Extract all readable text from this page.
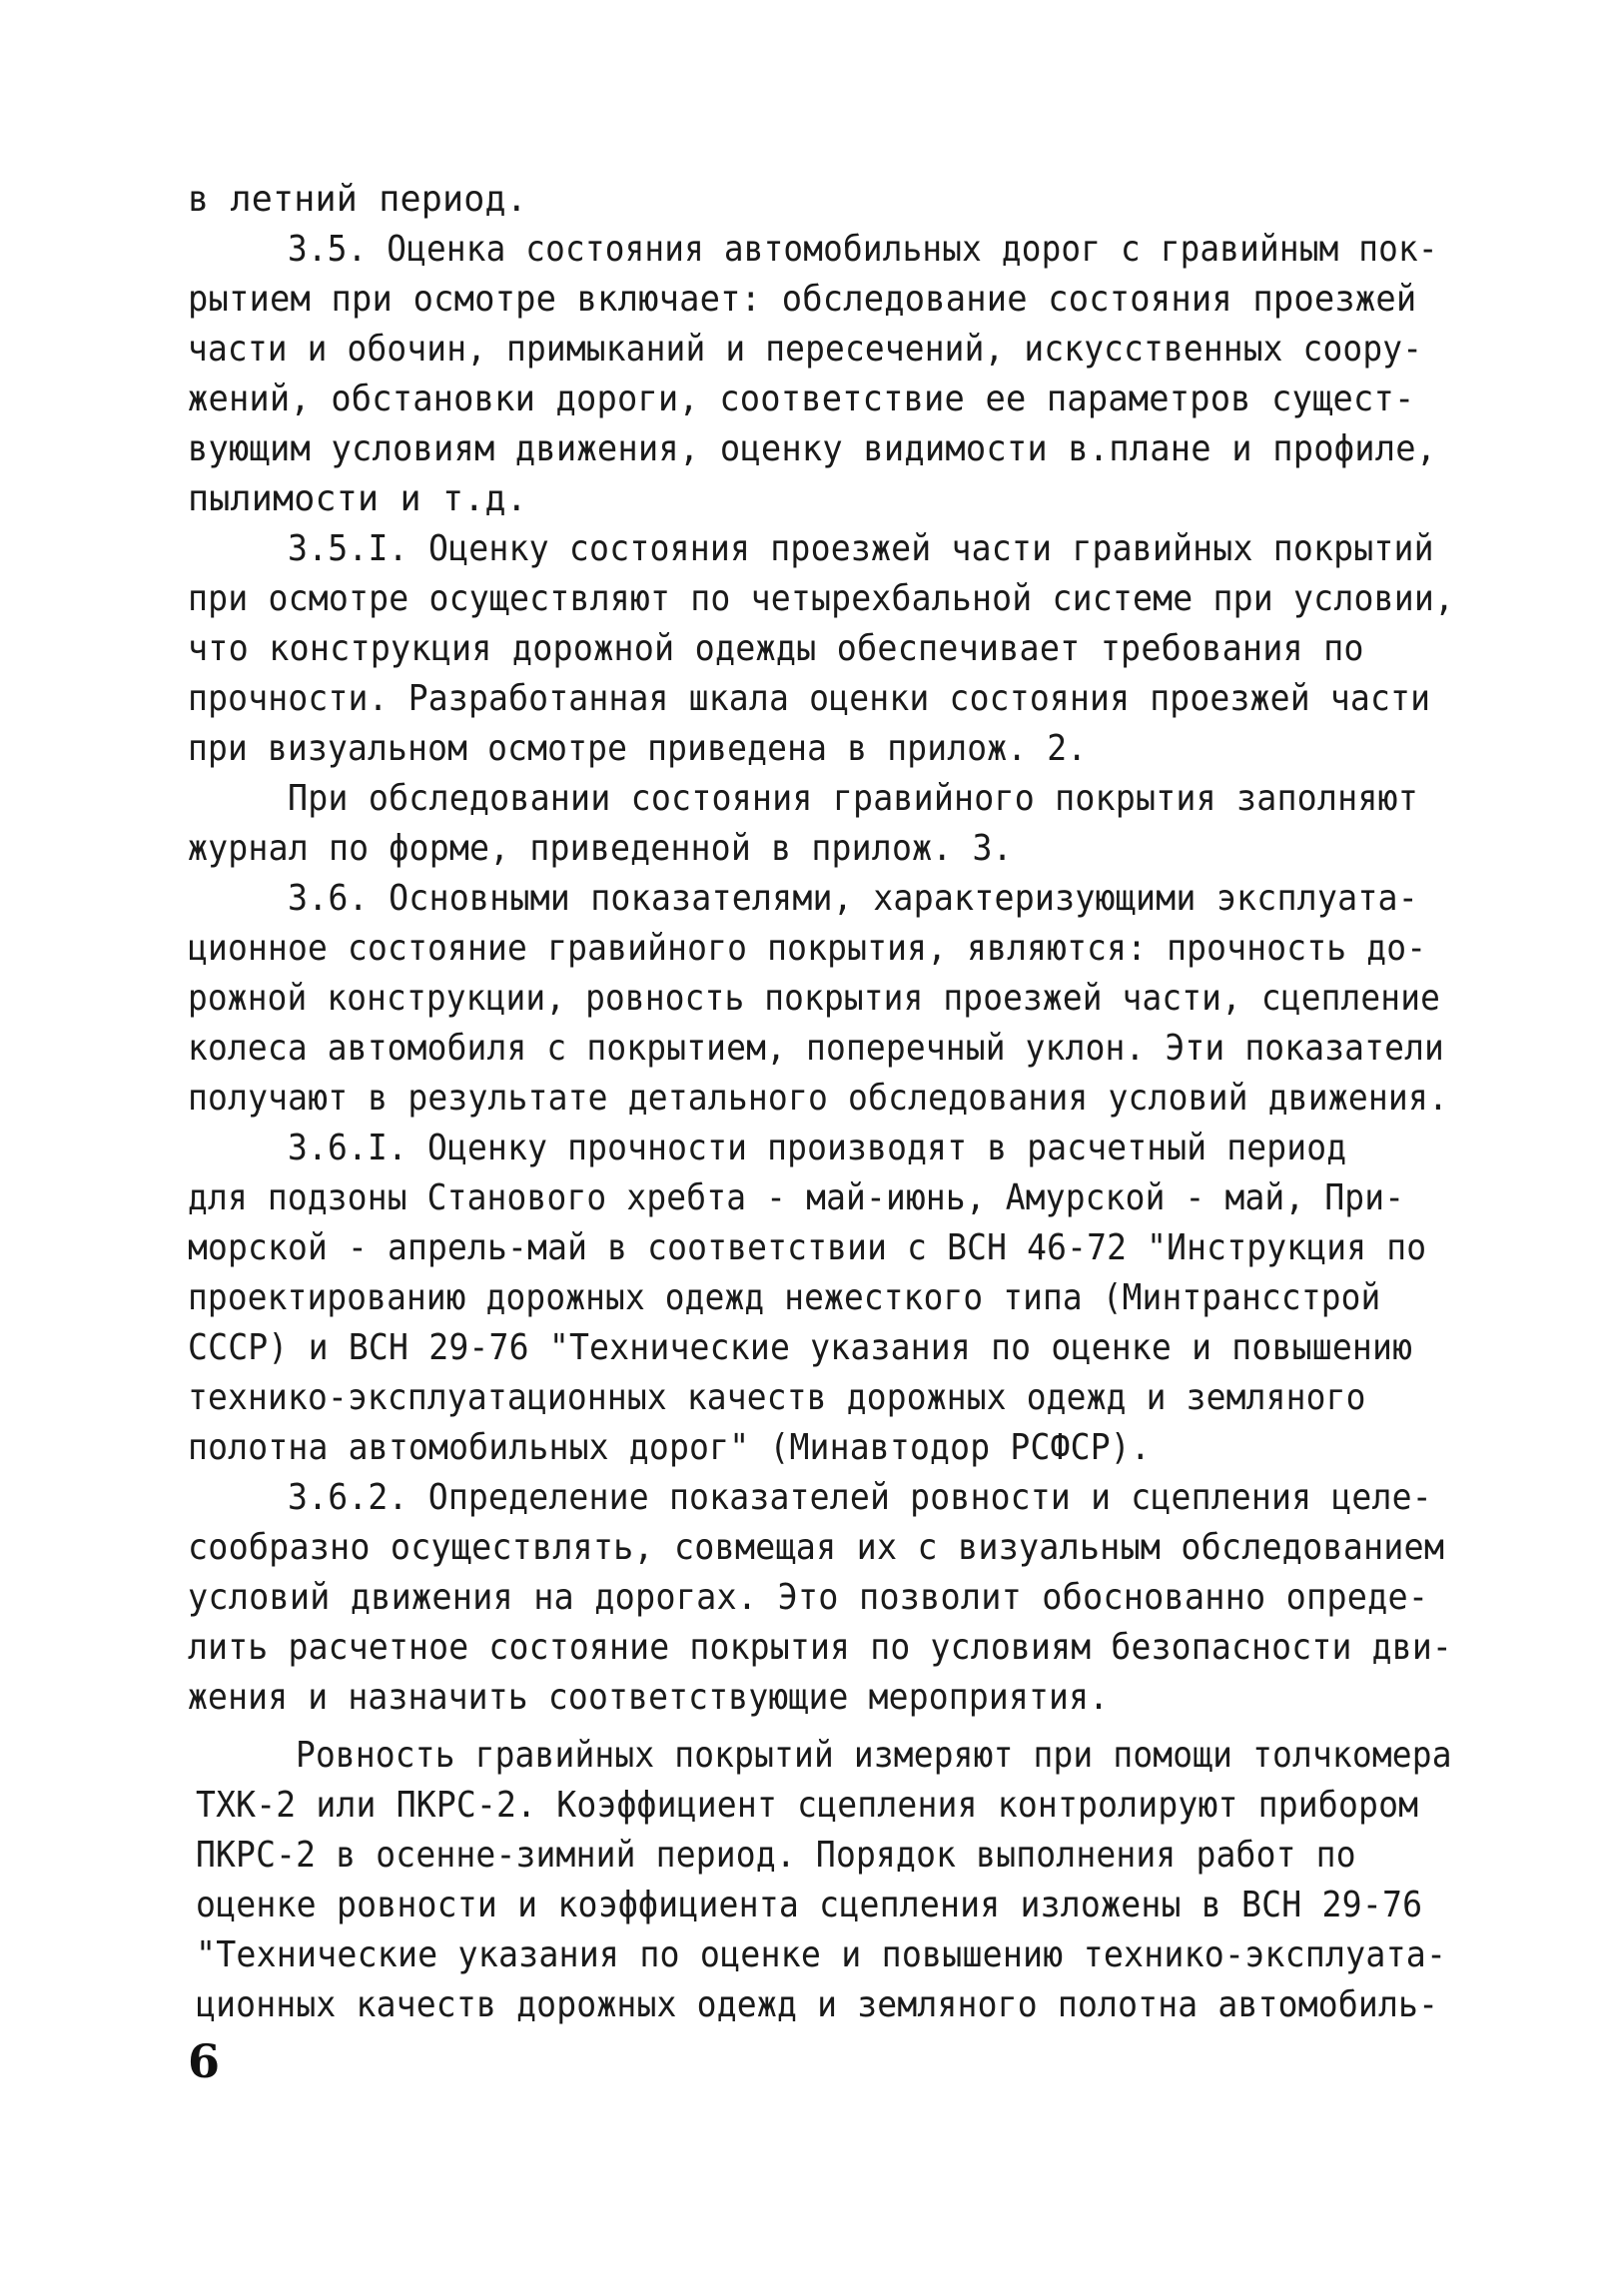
в летний период.
3.5. Оценка состояния автомобильных дорог с гравийным пок-
рытием при осмотре включает: обследование состояния проезжей
части и обочин, примыканий и пересечений, искусственных соору-
жений, обстановки дороги, соответствие ее параметров сущест-
вующим условиям движения, оценку видимости в.плане и профиле,
пылимости и т.д.
3.5.I. Оценку состояния проезжей части гравийных покрытий
при осмотре осуществляют по четырехбальной системе при условии,
что конструкция дорожной одежды обеспечивает требования по
прочности. Разработанная шкала оценки состояния проезжей части
при визуальном осмотре приведена в прилож. 2.
При обследовании состояния гравийного покрытия заполняют
журнал по форме, приведенной в прилож. 3.
3.6. Основными показателями, характеризующими эксплуата-
ционное состояние гравийного покрытия, являются: прочность до-
рожной конструкции, ровность покрытия проезжей части, сцепление
колеса автомобиля с покрытием, поперечный уклон. Эти показатели
получают в результате детального обследования условий движения.
3.6.I. Оценку прочности производят в расчетный период
для подзоны Станового хребта - май-июнь, Амурской - май, При-
морской - апрель-май в соответствии с ВСН 46-72 "Инструкция по
проектированию дорожных одежд нежесткого типа (Минтрансстрой
СССР) и ВСН 29-76 "Технические указания по оценке и повышению
технико-эксплуатационных качеств дорожных одежд и земляного
полотна автомобильных дорог" (Минавтодор РСФСР).
3.6.2. Определение показателей ровности и сцепления целе-
сообразно осуществлять, совмещая их с визуальным обследованием
условий движения на дорогах. Это позволит обоснованно опреде-
лить расчетное состояние покрытия по условиям безопасности дви-
жения и назначить соответствующие мероприятия.
Ровность гравийных покрытий измеряют при помощи толчкомера
ТХК-2 или ПКРС-2. Коэффициент сцепления контролируют прибором
ПКРС-2 в осенне-зимний период. Порядок выполнения работ по
оценке ровности и коэффициента сцепления изложены в ВСН 29-76
"Технические указания по оценке и повышению технико-эксплуата-
ционных качеств дорожных одежд и земляного полотна автомобиль-
6
